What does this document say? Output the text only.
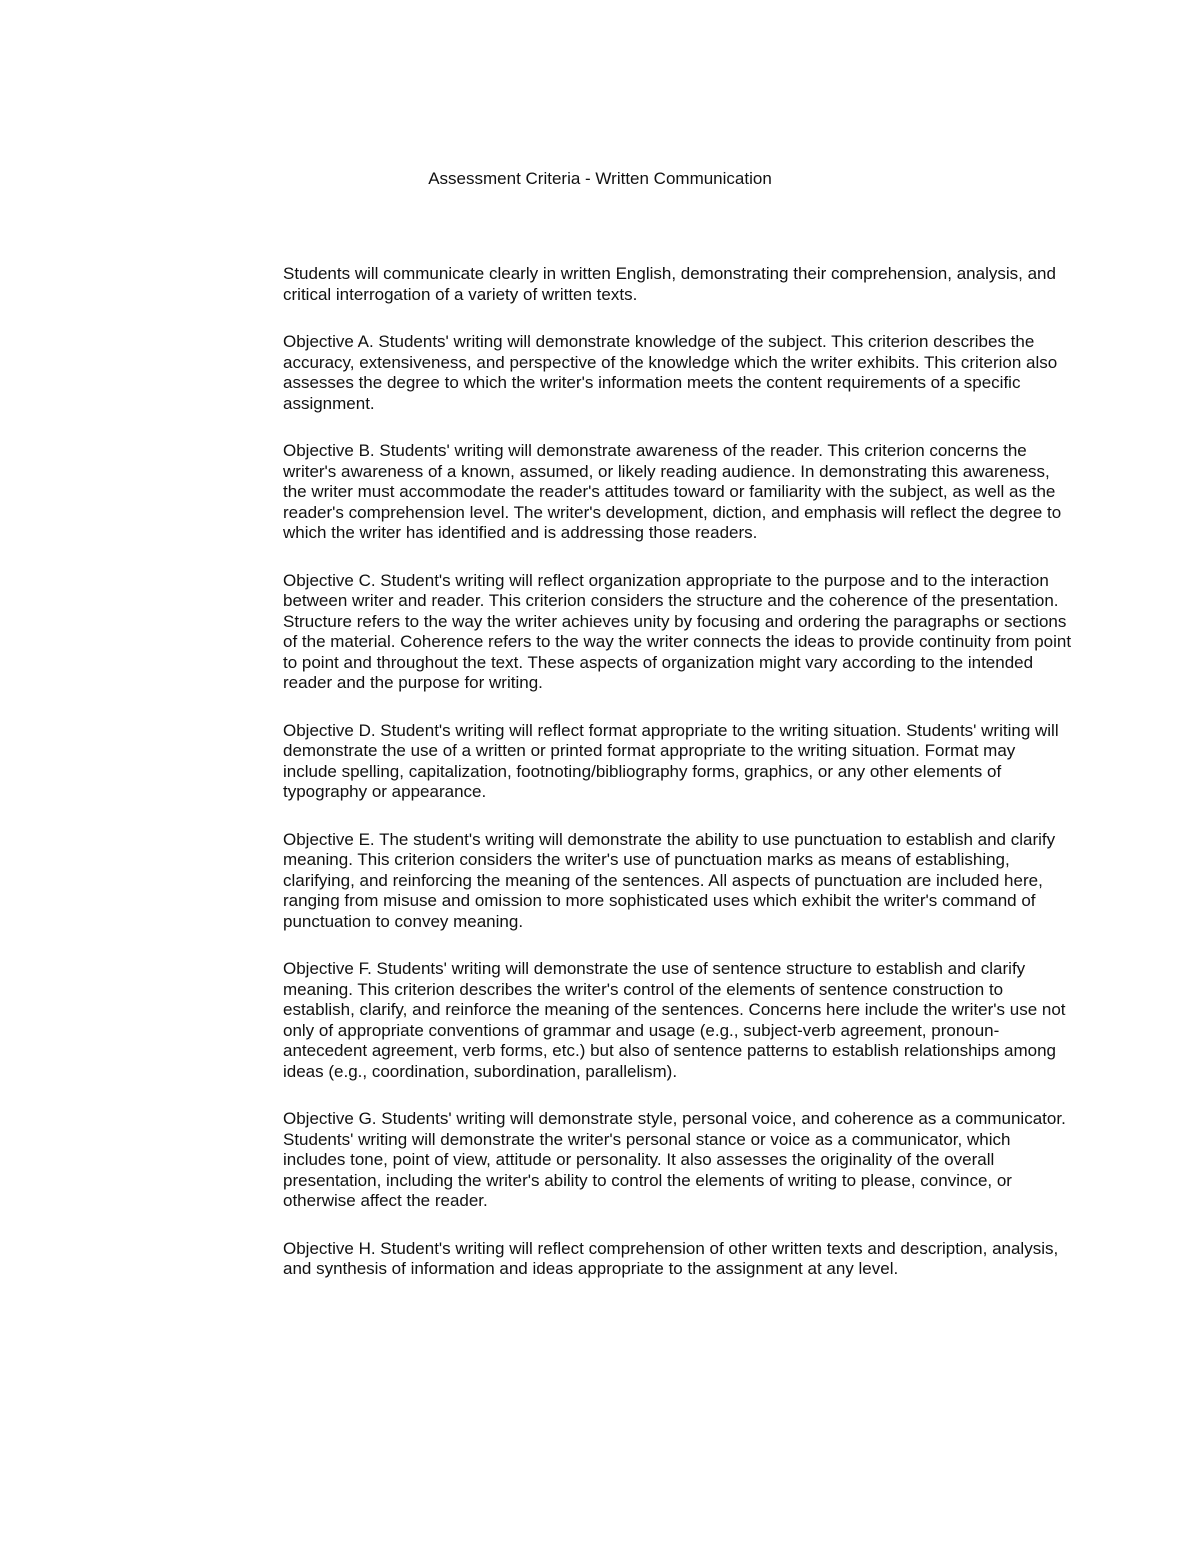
Assessment Criteria - Written Communication

Students will communicate clearly in written English, demonstrating their comprehension, analysis, and critical interrogation of a variety of written texts.

Objective A. Students' writing will demonstrate knowledge of the subject. This criterion describes the accuracy, extensiveness, and perspective of the knowledge which the writer exhibits. This criterion also assesses the degree to which the writer's information meets the content requirements of a specific assignment.

Objective B. Students' writing will demonstrate awareness of the reader. This criterion concerns the writer's awareness of a known, assumed, or likely reading audience. In demonstrating this awareness, the writer must accommodate the reader's attitudes toward or familiarity with the subject, as well as the reader's comprehension level. The writer's development, diction, and emphasis will reflect the degree to which the writer has identified and is addressing those readers.

Objective C. Student's writing will reflect organization appropriate to the purpose and to the interaction between writer and reader. This criterion considers the structure and the coherence of the presentation. Structure refers to the way the writer achieves unity by focusing and ordering the paragraphs or sections of the material. Coherence refers to the way the writer connects the ideas to provide continuity from point to point and throughout the text. These aspects of organization might vary according to the intended reader and the purpose for writing.

Objective D. Student's writing will reflect format appropriate to the writing situation. Students' writing will demonstrate the use of a written or printed format appropriate to the writing situation. Format may include spelling, capitalization, footnoting/bibliography forms, graphics, or any other elements of typography or appearance.

Objective E. The student's writing will demonstrate the ability to use punctuation to establish and clarify meaning. This criterion considers the writer's use of punctuation marks as means of establishing, clarifying, and reinforcing the meaning of the sentences. All aspects of punctuation are included here, ranging from misuse and omission to more sophisticated uses which exhibit the writer's command of punctuation to convey meaning.

Objective F. Students' writing will demonstrate the use of sentence structure to establish and clarify meaning. This criterion describes the writer's control of the elements of sentence construction to establish, clarify, and reinforce the meaning of the sentences. Concerns here include the writer's use not only of appropriate conventions of grammar and usage (e.g., subject-verb agreement, pronoun-antecedent agreement, verb forms, etc.) but also of sentence patterns to establish relationships among ideas (e.g., coordination, subordination, parallelism).

Objective G. Students' writing will demonstrate style, personal voice, and coherence as a communicator. Students' writing will demonstrate the writer's personal stance or voice as a communicator, which includes tone, point of view, attitude or personality. It also assesses the originality of the overall presentation, including the writer's ability to control the elements of writing to please, convince, or otherwise affect the reader.

Objective H. Student's writing will reflect comprehension of other written texts and description, analysis, and synthesis of information and ideas appropriate to the assignment at any level.
